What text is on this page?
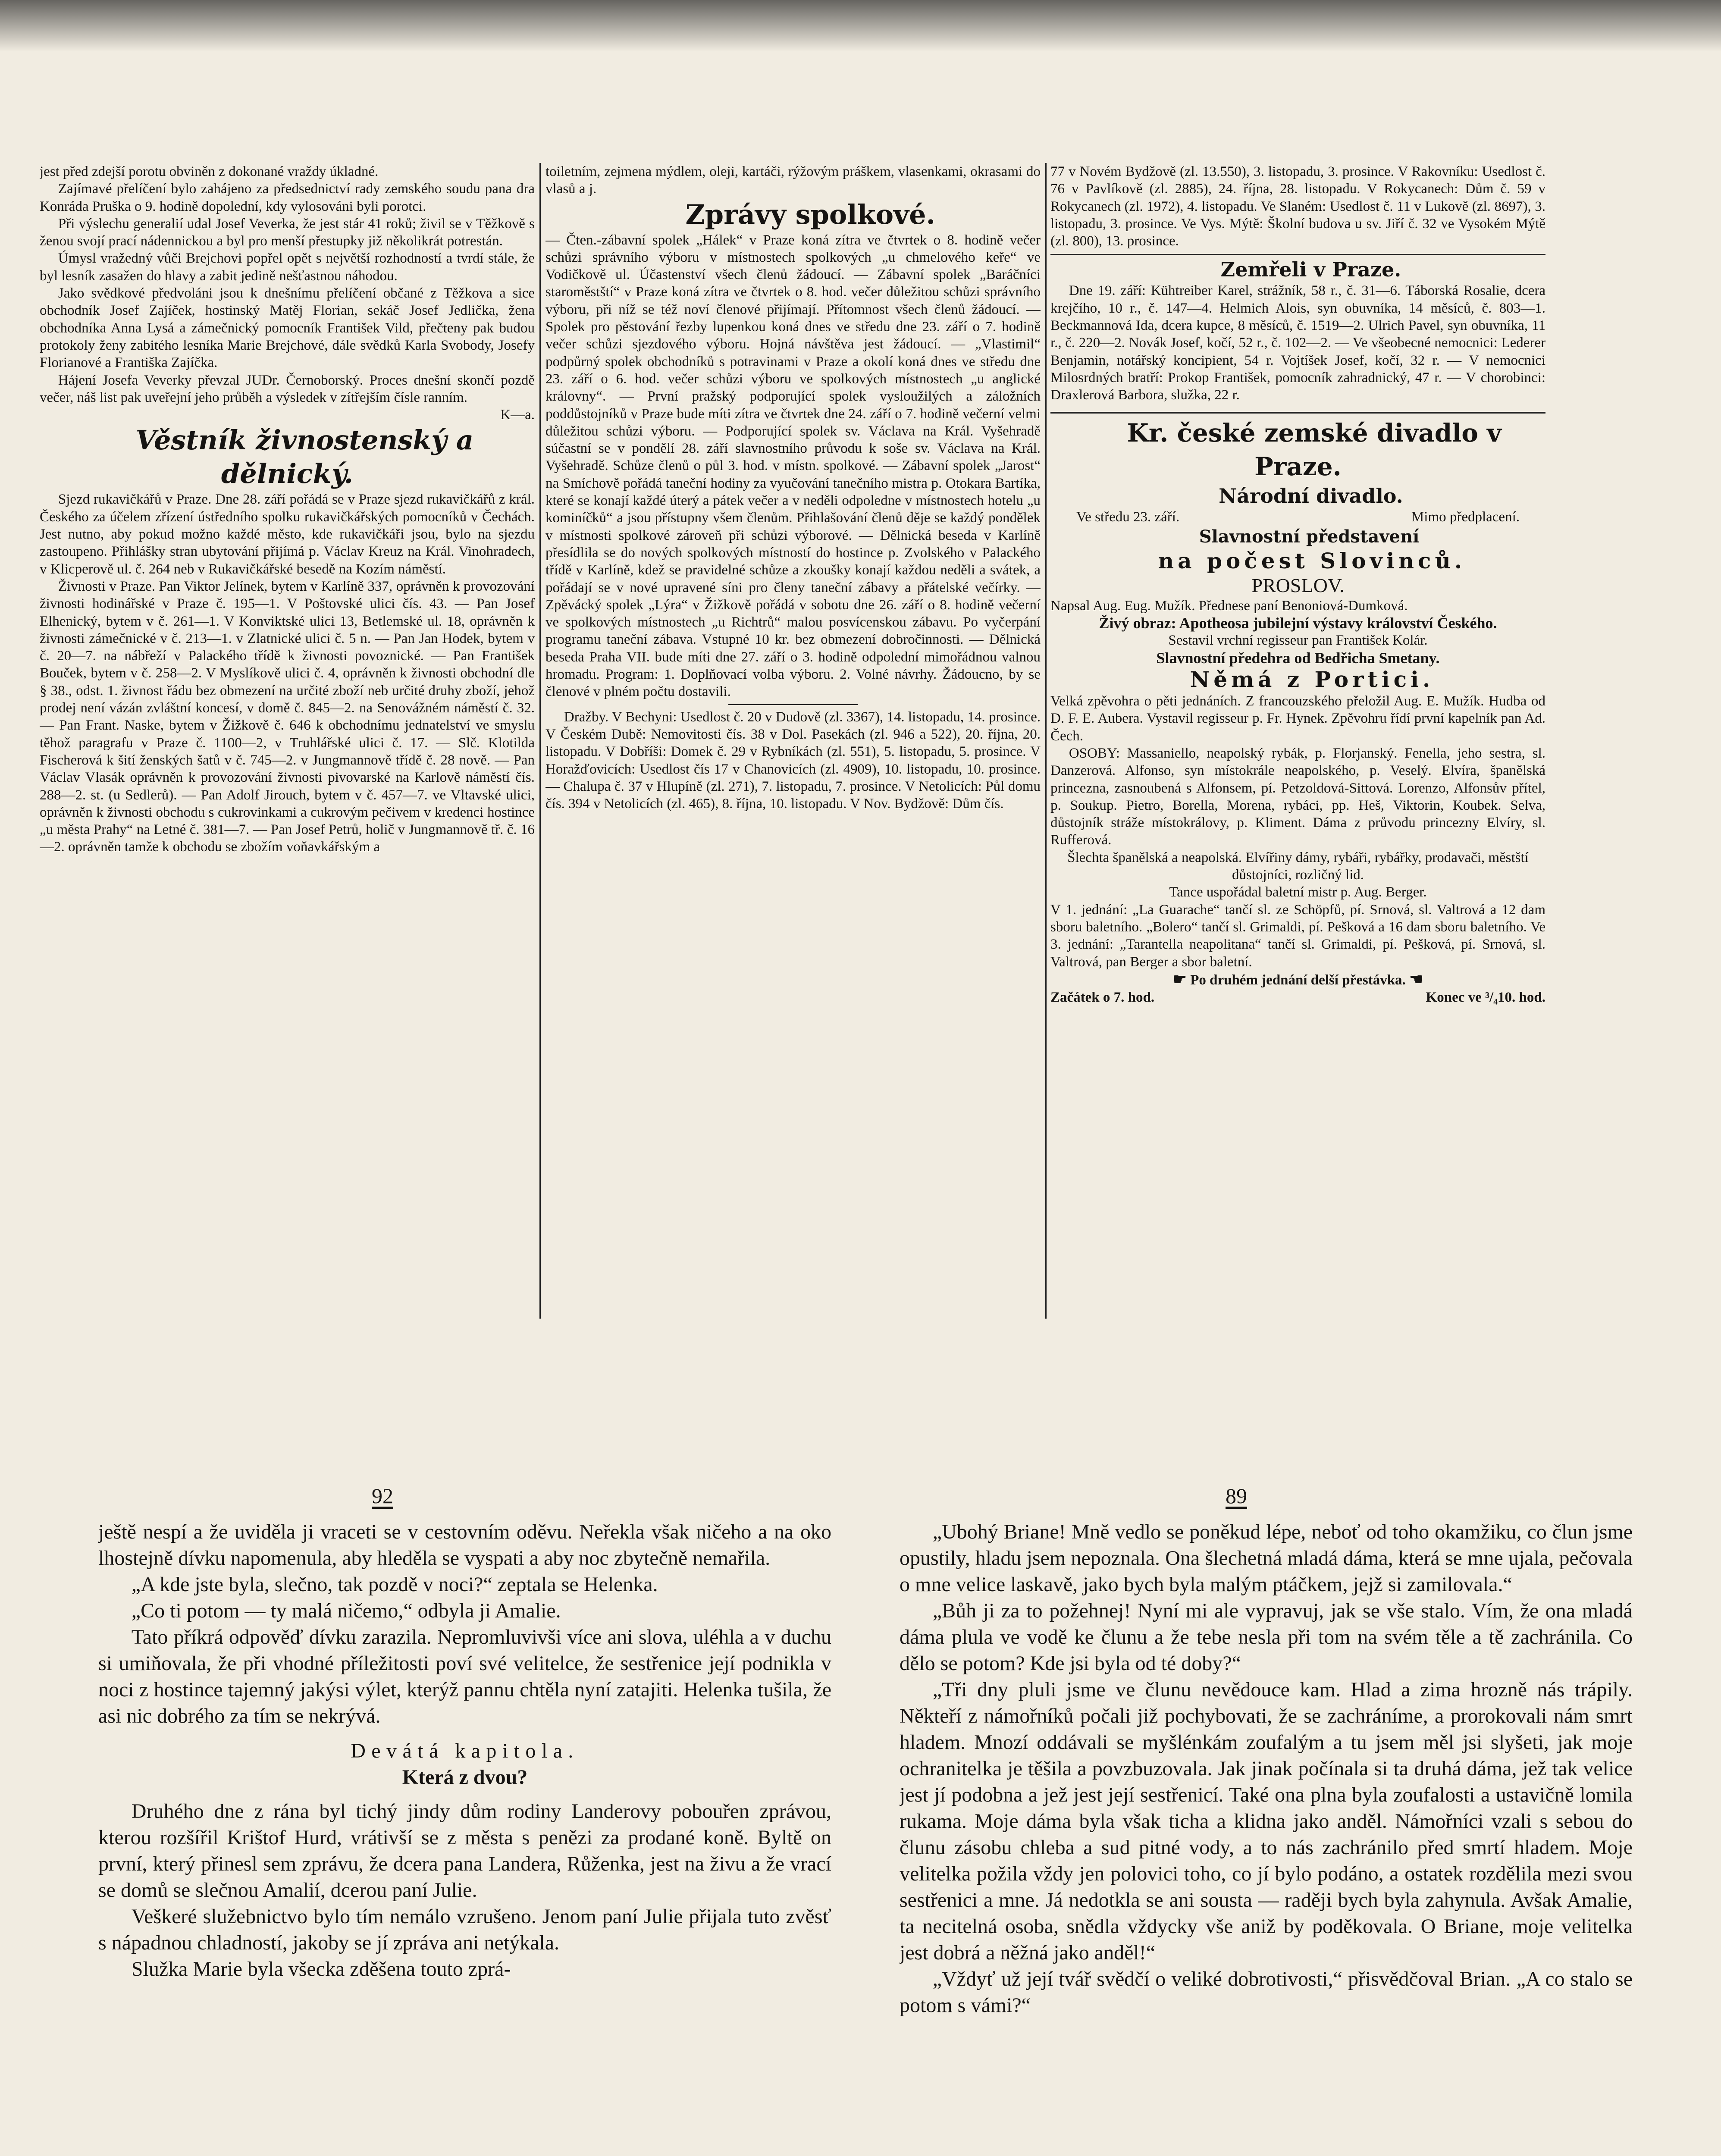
jest před zdejší porotu obviněn z dokonané vraždy úkladné.

Zajímavé přelíčení bylo zahájeno za předsednictví rady zemského soudu pana dra Konráda Pruška o 9. hodině dopolední, kdy vylosováni byli porotci.

Při výslechu generalií udal Josef Veverka, že jest stár 41 roků; živil se v Těžkově s ženou svojí prací nádennickou a byl pro menší přestupky již několikrát potrestán.

Úmysl vražedný vůči Brejchovi popřel opět s největší rozhodností a tvrdí stále, že byl lesník zasažen do hlavy a zabit jedině nešťastnou náhodou.

Jako svědkové předvoláni jsou k dnešnímu přelíčení občané z Těžkova a sice obchodník Josef Zajíček, hostinský Matěj Florian, sekáč Josef Jedlička, žena obchodníka Anna Lysá a zámečnický pomocník František Vild, přečteny pak budou protokoly ženy zabitého lesníka Marie Brejchové, dále svědků Karla Svobody, Josefy Florianové a Františka Zajíčka.

Hájení Josefa Veverky převzal JUDr. Černoborský. Proces dnešní skončí pozdě večer, náš list pak uveřejní jeho průběh a výsledek v zítřejším čísle ranním.

K—a.

Věstník živnostenský a dělnický.

Sjezd rukavičkářů v Praze. Dne 28. září pořádá se v Praze sjezd rukavičkářů z král. Českého za účelem zřízení ústředního spolku rukavičkářských pomocníků v Čechách. Jest nutno, aby pokud možno každé město, kde rukavičkáři jsou, bylo na sjezdu zastoupeno. Přihlášky stran ubytování přijímá p. Václav Kreuz na Král. Vinohradech, v Klicperově ul. č. 264 neb v Rukavičkářské besedě na Kozím náměstí.

Živnosti v Praze. Pan Viktor Jelínek, bytem v Karlíně 337, oprávněn k provozování živnosti hodinářské v Praze č. 195—1. V Poštovské ulici čís. 43. — Pan Josef Elhenický, bytem v č. 261—1. V Konviktské ulici 13, Betlemské ul. 18, oprávněn k živnosti zámečnické v č. 213—1. v Zlatnické ulici č. 5 n. — Pan Jan Hodek, bytem v č. 20—7. na nábřeží v Palackého třídě k živnosti povoznické. — Pan František Bouček, bytem v č. 258—2. V Myslíkově ulici č. 4, oprávněn k živnosti obchodní dle § 38., odst. 1. živnost řádu bez obmezení na určité zboží neb určité druhy zboží, jehož prodej není vázán zvláštní koncesí, v domě č. 845—2. na Senovážném náměstí č. 32. — Pan Frant. Naske, bytem v Žižkově č. 646 k obchodnímu jednatelství ve smyslu těhož paragrafu v Praze č. 1100—2, v Truhlářské ulici č. 17. — Slč. Klotilda Fischerová k šití ženských šatů v č. 745—2. v Jungmannově třídě č. 28 nově. — Pan Václav Vlasák oprávněn k provozování živnosti pivovarské na Karlově náměstí čís. 288—2. st. (u Sedlerů). — Pan Adolf Jirouch, bytem v č. 457—7. ve Vltavské ulici, oprávněn k živnosti obchodu s cukrovinkami a cukrovým pečivem v kredenci hostince „u města Prahy“ na Letné č. 381—7. — Pan Josef Petrů, holič v Jungmannově tř. č. 16—2. oprávněn tamže k obchodu se zbožím voňavkářským a

toiletním, zejmena mýdlem, oleji, kartáči, rýžovým práškem, vlasenkami, okrasami do vlasů a j.

Zprávy spolkové.

— Čten.-zábavní spolek „Hálek“ v Praze koná zítra ve čtvrtek o 8. hodině večer schůzi správního výboru v místnostech spolkových „u chmelového keře“ ve Vodičkově ul. Účastenství všech členů žádoucí. — Zábavní spolek „Baráčníci staroměstští“ v Praze koná zítra ve čtvrtek o 8. hod. večer důležitou schůzi správního výboru, při níž se též noví členové přijímají. Přítomnost všech členů žádoucí. — Spolek pro pěstování řezby lupenkou koná dnes ve středu dne 23. září o 7. hodině večer schůzi sjezdového výboru. Hojná návštěva jest žádoucí. — „Vlastimil“ podpůrný spolek obchodníků s potravinami v Praze a okolí koná dnes ve středu dne 23. září o 6. hod. večer schůzi výboru ve spolkových místnostech „u anglické královny“. — První pražský podporující spolek vysloužilých a záložních poddůstojníků v Praze bude míti zítra ve čtvrtek dne 24. září o 7. hodině večerní velmi důležitou schůzi výboru. — Podporující spolek sv. Václava na Král. Vyšehradě súčastní se v pondělí 28. září slavnostního průvodu k soše sv. Václava na Král. Vyšehradě. Schůze členů o půl 3. hod. v místn. spolkové. — Zábavní spolek „Jarost“ na Smíchově pořádá taneční hodiny za vyučování tanečního mistra p. Otokara Bartíka, které se konají každé úterý a pátek večer a v neděli odpoledne v místnostech hotelu „u kominíčků“ a jsou přístupny všem členům. Přihlašování členů děje se každý pondělek v místnosti spolkové zároveň při schůzi výborové. — Dělnická beseda v Karlíně přesídlila se do nových spolkových místností do hostince p. Zvolského v Palackého třídě v Karlíně, kdež se pravidelné schůze a zkoušky konají každou neděli a svátek, a pořádají se v nové upravené síni pro členy taneční zábavy a přátelské večírky. — Zpěvácký spolek „Lýra“ v Žižkově pořádá v sobotu dne 26. září o 8. hodině večerní ve spolkových místnostech „u Richtrů“ malou posvícenskou zábavu. Po vyčerpání programu taneční zábava. Vstupné 10 kr. bez obmezení dobročinnosti. — Dělnická beseda Praha VII. bude míti dne 27. září o 3. hodině odpolední mimořádnou valnou hromadu. Program: 1. Doplňovací volba výboru. 2. Volné návrhy. Žádoucno, by se členové v plném počtu dostavili.

Dražby. V Bechyni: Usedlost č. 20 v Dudově (zl. 3367), 14. listopadu, 14. prosince. V Českém Dubě: Nemovitosti čís. 38 v Dol. Pasekách (zl. 946 a 522), 20. října, 20. listopadu. V Dobříši: Domek č. 29 v Rybníkách (zl. 551), 5. listopadu, 5. prosince. V Horažďovicích: Usedlost čís 17 v Chanovicích (zl. 4909), 10. listopadu, 10. prosince. — Chalupa č. 37 v Hlupíně (zl. 271), 7. listopadu, 7. prosince. V Netolicích: Půl domu čís. 394 v Netolicích (zl. 465), 8. října, 10. listopadu. V Nov. Bydžově: Dům čís.

77 v Novém Bydžově (zl. 13.550), 3. listopadu, 3. prosince. V Rakovníku: Usedlost č. 76 v Pavlíkově (zl. 2885), 24. října, 28. listopadu. V Rokycanech: Dům č. 59 v Rokycanech (zl. 1972), 4. listopadu. Ve Slaném: Usedlost č. 11 v Lukově (zl. 8697), 3. listopadu, 3. prosince. Ve Vys. Mýtě: Školní budova u sv. Jiří č. 32 ve Vysokém Mýtě (zl. 800), 13. prosince.

Zemřeli v Praze.

Dne 19. září: Kühtreiber Karel, strážník, 58 r., č. 31—6. Táborská Rosalie, dcera krejčího, 10 r., č. 147—4. Helmich Alois, syn obuvníka, 14 měsíců, č. 803—1. Beckmannová Ida, dcera kupce, 8 měsíců, č. 1519—2. Ulrich Pavel, syn obuvníka, 11 r., č. 220—2. Novák Josef, kočí, 52 r., č. 102—2. — Ve všeobecné nemocnici: Lederer Benjamin, notářský koncipient, 54 r. Vojtíšek Josef, kočí, 32 r. — V nemocnici Milosrdných bratří: Prokop František, pomocník zahradnický, 47 r. — V chorobinci: Draxlerová Barbora, služka, 22 r.

Kr. české zemské divadlo v Praze.

Národní divadlo.

Ve středu 23. září.	Mimo předplacení.

Slavnostní představení

na počest Slovinců.

PROSLOV.

Napsal Aug. Eug. Mužík. Přednese paní Benoniová-Dumková.

Živý obraz: Apotheosa jubilejní výstavy království Českého.

Sestavil vrchní regisseur pan František Kolár.

Slavnostní předehra od Bedřicha Smetany.

Němá z Portici.

Velká zpěvohra o pěti jednáních. Z francouzského přeložil Aug. E. Mužík. Hudba od D. F. E. Aubera. Vystavil regisseur p. Fr. Hynek. Zpěvohru řídí první kapelník pan Ad. Čech.

OSOBY: Massaniello, neapolský rybák, p. Florjanský. Fenella, jeho sestra, sl. Danzerová. Alfonso, syn místokrále neapolského, p. Veselý. Elvíra, španělská princezna, zasnoubená s Alfonsem, pí. Petzoldová-Sittová. Lorenzo, Alfonsův přítel, p. Soukup. Pietro, Borella, Morena, rybáci, pp. Heš, Viktorin, Koubek. Selva, důstojník stráže místokrálovy, p. Kliment. Dáma z průvodu princezny Elvíry, sl. Rufferová.

Šlechta španělská a neapolská. Elvířiny dámy, rybáři, rybářky, prodavači, městští důstojníci, rozličný lid.

Tance uspořádal baletní mistr p. Aug. Berger.

V 1. jednání: „La Guarache“ tančí sl. ze Schöpfů, pí. Srnová, sl. Valtrová a 12 dam sboru baletního. „Bolero“ tančí sl. Grimaldi, pí. Pešková a 16 dam sboru baletního. Ve 3. jednání: „Tarantella neapolitana“ tančí sl. Grimaldi, pí. Pešková, pí. Srnová, sl. Valtrová, pan Berger a sbor baletní.

☛ Po druhém jednání delší přestávka. ☚

Začátek o 7. hod.	Konec ve ³/₄10. hod.
92

ještě nespí a že uviděla ji vraceti se v cestovním oděvu. Neřekla však ničeho a na oko lhostejně dívku napomenula, aby hleděla se vyspati a aby noc zbytečně nemařila.

„A kde jste byla, slečno, tak pozdě v noci?“ zeptala se Helenka.

„Co ti potom — ty malá ničemo,“ odbyla ji Amalie.

Tato příkrá odpověď dívku zarazila. Nepromluvivši více ani slova, uléhla a v duchu si umiňovala, že při vhodné příležitosti poví své velitelce, že sestřenice její podnikla v noci z hostince tajemný jakýsi výlet, kterýž pannu chtěla nyní zatajiti. Helenka tušila, že asi nic dobrého za tím se nekrývá.

Devátá kapitola.

Která z dvou?

Druhého dne z rána byl tichý jindy dům rodiny Landerovy pobouřen zprávou, kterou rozšířil Krištof Hurd, vrátivší se z města s penězi za prodané koně. Byltě on první, který přinesl sem zprávu, že dcera pana Landera, Růženka, jest na živu a že vrací se domů se slečnou Amalií, dcerou paní Julie.

Veškeré služebnictvo bylo tím nemálo vzrušeno. Jenom paní Julie přijala tuto zvěsť s nápadnou chladností, jakoby se jí zpráva ani netýkala.

Služka Marie byla všecka zděšena touto zprá-

89

„Ubohý Briane! Mně vedlo se poněkud lépe, neboť od toho okamžiku, co člun jsme opustily, hladu jsem nepoznala. Ona šlechetná mladá dáma, která se mne ujala, pečovala o mne velice laskavě, jako bych byla malým ptáčkem, jejž si zamilovala.“

„Bůh ji za to požehnej! Nyní mi ale vypravuj, jak se vše stalo. Vím, že ona mladá dáma plula ve vodě ke člunu a že tebe nesla při tom na svém těle a tě zachránila. Co dělo se potom? Kde jsi byla od té doby?“

„Tři dny pluli jsme ve člunu nevědouce kam. Hlad a zima hrozně nás trápily. Někteří z námořníků počali již pochybovati, že se zachráníme, a prorokovali nám smrt hladem. Mnozí oddávali se myšlénkám zoufalým a tu jsem měl jsi slyšeti, jak moje ochranitelka je těšila a povzbuzovala. Jak jinak počínala si ta druhá dáma, jež tak velice jest jí podobna a jež jest její sestřenicí. Také ona plna byla zoufalosti a ustavičně lomila rukama. Moje dáma byla však ticha a klidna jako anděl. Námořníci vzali s sebou do člunu zásobu chleba a sud pitné vody, a to nás zachránilo před smrtí hladem. Moje velitelka požila vždy jen polovici toho, co jí bylo podáno, a ostatek rozdělila mezi svou sestřenici a mne. Já nedotkla se ani sousta — raději bych byla zahynula. Avšak Amalie, ta necitelná osoba, snědla vždycky vše aniž by poděkovala. O Briane, moje velitelka jest dobrá a něžná jako anděl!“

„Vždyť už její tvář svědčí o veliké dobrotivosti,“ přisvědčoval Brian. „A co stalo se potom s vámi?“
